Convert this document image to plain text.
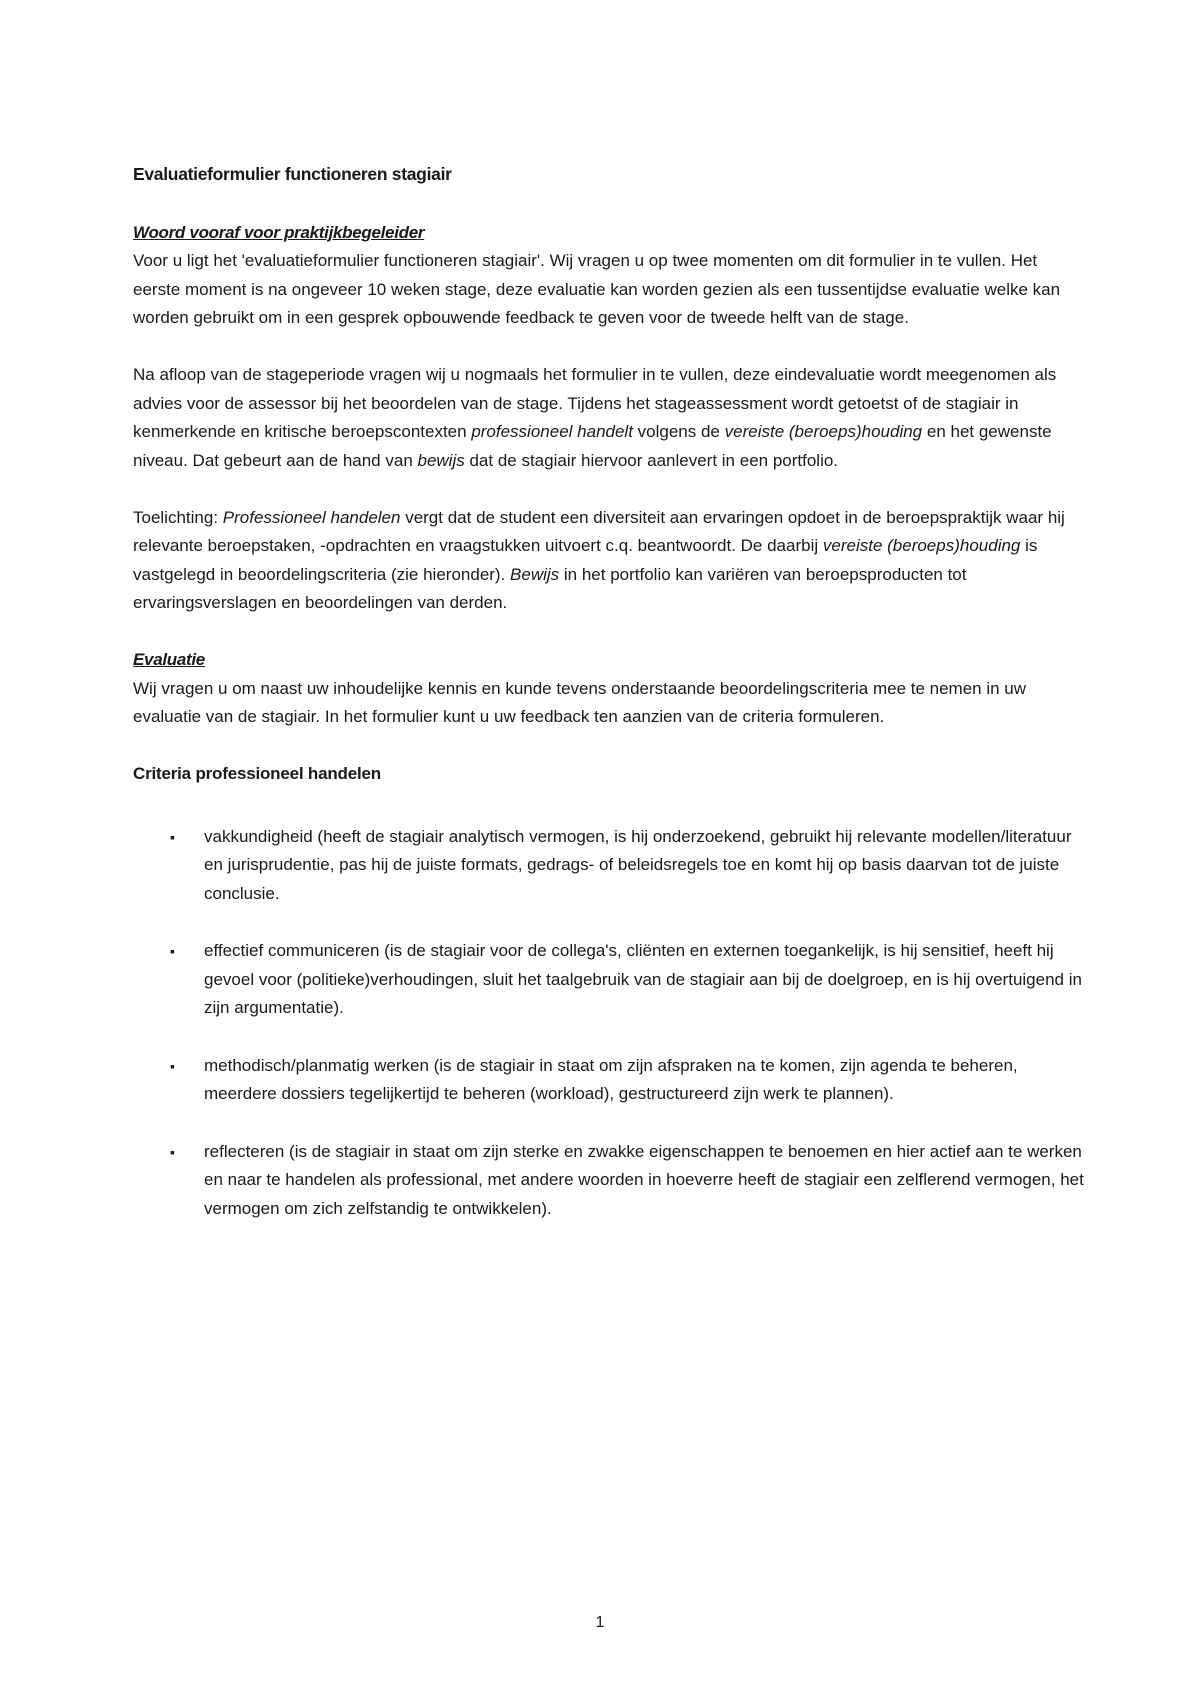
Evaluatieformulier functioneren stagiair
Woord vooraf voor praktijkbegeleider

Voor u ligt het 'evaluatieformulier functioneren stagiair'. Wij vragen u op twee momenten om dit formulier in te vullen. Het eerste moment is na ongeveer 10 weken stage, deze evaluatie kan worden gezien als een tussentijdse evaluatie welke kan worden gebruikt om in een gesprek opbouwende feedback te geven voor de tweede helft van de stage.

Na afloop van de stageperiode vragen wij u nogmaals het formulier in te vullen, deze eindevaluatie wordt meegenomen als advies voor de assessor bij het beoordelen van de stage. Tijdens het stageassessment wordt getoetst of de stagiair in kenmerkende en kritische beroepscontexten professioneel handelt volgens de vereiste (beroeps)houding en het gewenste niveau. Dat gebeurt aan de hand van bewijs dat de stagiair hiervoor aanlevert in een portfolio.

Toelichting: Professioneel handelen vergt dat de student een diversiteit aan ervaringen opdoet in de beroepspraktijk waar hij relevante beroepstaken, -opdrachten en vraagstukken uitvoert c.q. beantwoordt. De daarbij vereiste (beroeps)houding is vastgelegd in beoordelingscriteria (zie hieronder). Bewijs in het portfolio kan variëren van beroepsproducten tot ervaringsverslagen en beoordelingen van derden.

Evaluatie

Wij vragen u om naast uw inhoudelijke kennis en kunde tevens onderstaande beoordelingscriteria mee te nemen in uw evaluatie van de stagiair. In het formulier kunt u uw feedback ten aanzien van de criteria formuleren.

Criteria professioneel handelen
▪ vakkundigheid (heeft de stagiair analytisch vermogen, is hij onderzoekend, gebruikt hij relevante modellen/literatuur en jurisprudentie, pas hij de juiste formats, gedrags- of beleidsregels toe en komt hij op basis daarvan tot de juiste conclusie.
▪ effectief communiceren (is de stagiair voor de collega's, cliënten en externen toegankelijk, is hij sensitief, heeft hij gevoel voor (politieke)verhoudingen, sluit het taalgebruik van de stagiair aan bij de doelgroep, en is hij overtuigend in zijn argumentatie).
▪ methodisch/planmatig werken (is de stagiair in staat om zijn afspraken na te komen, zijn agenda te beheren, meerdere dossiers tegelijkertijd te beheren (workload), gestructureerd zijn werk te plannen).
▪ reflecteren (is de stagiair in staat om zijn sterke en zwakke eigenschappen te benoemen en hier actief aan te werken en naar te handelen als professional, met andere woorden in hoeverre heeft de stagiair een zelflerend vermogen, het vermogen om zich zelfstandig te ontwikkelen).
1
